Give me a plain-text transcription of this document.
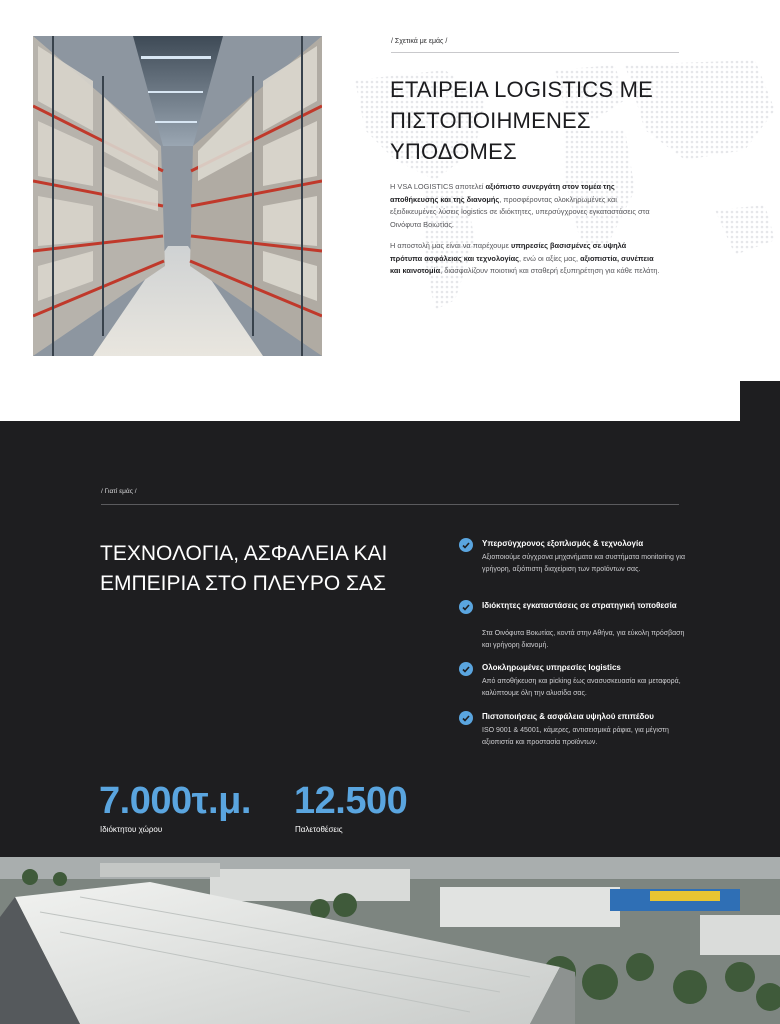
/ Σχετικά με εμάς /
ΕΤΑΙΡΕΙΑ LOGISTICS ΜΕ ΠΙΣΤΟΠΟΙΗΜΕΝΕΣ ΥΠΟΔΟΜΕΣ

Η VSA LOGISTICS αποτελεί αξιόπιστο συνεργάτη στον τομέα της αποθήκευσης και της διανομής, προσφέροντας ολοκληρωμένες και εξειδικευμένες λύσεις logistics σε ιδιόκτητες, υπερσύγχρονες εγκαταστάσεις στα Οινόφυτα Βοιωτίας.

Η αποστολή μας είναι να παρέχουμε υπηρεσίες βασισμένες σε υψηλά πρότυπα ασφάλειας και τεχνολογίας, ενώ οι αξίες μας, αξιοπιστία, συνέπεια και καινοτομία, διασφαλίζουν ποιοτική και σταθερή εξυπηρέτηση για κάθε πελάτη.

/ Γιατί εμάς /
ΤΕΧΝΟΛΟΓΙΑ, ΑΣΦΑΛΕΙΑ ΚΑΙ ΕΜΠΕΙΡΙΑ ΣΤΟ ΠΛΕΥΡΟ ΣΑΣ
Υπερσύγχρονος εξοπλισμός & τεχνολογία
Αξιοποιούμε σύγχρονα μηχανήματα και συστήματα monitoring για γρήγορη, αξιόπιστη διαχείριση των προϊόντων σας.
Ιδιόκτητες εγκαταστάσεις σε στρατηγική τοποθεσία
Στα Οινόφυτα Βοιωτίας, κοντά στην Αθήνα, για εύκολη πρόσβαση και γρήγορη διανομή.
Ολοκληρωμένες υπηρεσίες logistics
Από αποθήκευση και picking έως ανασυσκευασία και μεταφορά, καλύπτουμε όλη την αλυσίδα σας.
Πιστοποιήσεις & ασφάλεια υψηλού επιπέδου
ISO 9001 & 45001, κάμερες, αντισεισμικά ράφια, για μέγιστη αξιοπιστία και προστασία προϊόντων.
7.000τ.μ.
Ιδιόκτητου χώρου
12.500
Παλετοθέσεις
